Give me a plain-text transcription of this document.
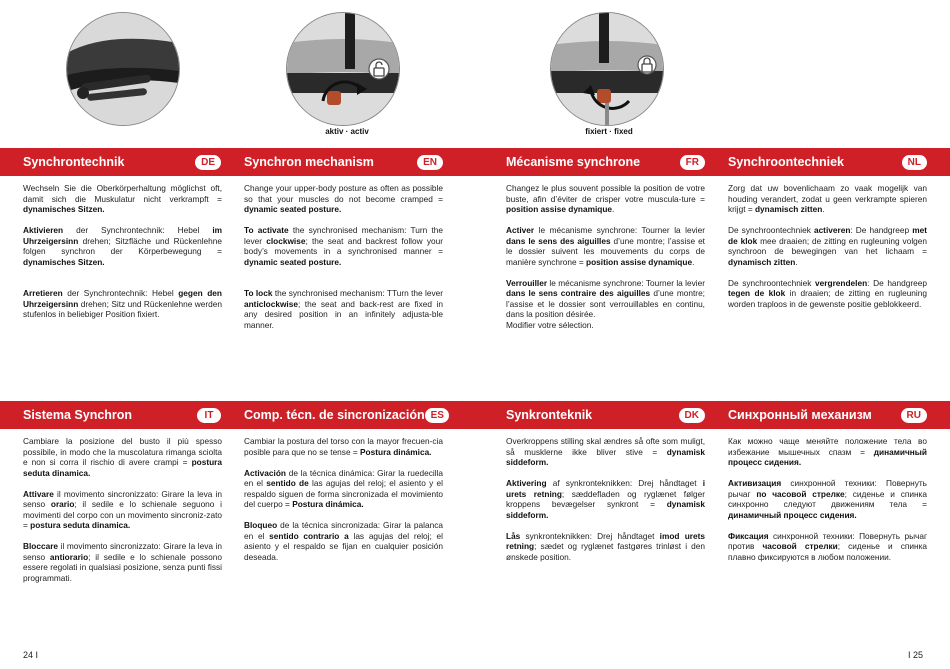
aktiv · activ	fixiert · fixed
Synchrontechnik	DE	Synchron mechanism	EN	Mécanisme synchrone	FR	Synchroontechniek	NL

Wechseln Sie die Oberkörperhaltung möglichst oft, damit sich die Muskulatur nicht verkrampft = dynamisches Sitzen.

Aktivieren der Synchrontechnik: Hebel im Uhrzeigersinn drehen; Sitzfläche und Rückenlehne folgen synchron der Körperbewegung = dynamisches Sitzen.

Arretieren der Synchrontechnik: Hebel gegen den Uhrzeigersinn drehen; Sitz und Rückenlehne werden stufenlos in beliebiger Position fixiert.

Change your upper-body posture as often as possible so that your muscles do not become cramped = dynamic seated posture.

To activate the synchronised mechanism: Turn the lever clockwise; the seat and backrest follow your body’s movements in a synchronised manner = dynamic seated posture.

To lock the synchronised mechanism: TTurn the lever anticlockwise; the seat and back-rest are fixed in any desired position in an infinitely adjusta-ble manner.

Changez le plus souvent possible la position de votre buste, afin d’éviter de crisper votre muscula-ture = position assise dynamique.

Activer le mécanisme synchrone: Tourner la levier dans le sens des aiguilles d’une montre; l’assise et le dossier suivent les mouvements du corps de manière synchrone = position assise dynamique.

Verrouiller le mécanisme synchrone: Tourner la levier dans le sens contraire des aiguilles d’une montre; l’assise et le dossier sont verrouillables en continu, dans la position désirée.
Modifier votre sélection.

Zorg dat uw bovenlichaam zo vaak mogelijk van houding verandert, zodat u geen verkrampte spieren krijgt = dynamisch zitten.

De synchroontechniek activeren: De handgreep met de klok mee draaien; de zitting en rugleuning volgen synchroon de bewegingen van het lichaam = dynamisch zitten.

De synchroontechniek vergrendelen: De handgreep tegen de klok in draaien; de zitting en rugleuning worden traploos in de gewenste positie geblokkeerd.

Sistema Synchron	IT	Comp. técn. de sincronización ES	Synkronteknik	DK	Синхронный механизм	RU

Cambiare la posizione del busto il più spesso possibile, in modo che la muscolatura rimanga sciolta e non si corra il rischio di avere crampi = postura seduta dinamica.

Attivare il movimento sincronizzato: Girare la leva in senso orario; il sedile e lo schienale seguono i movimenti del corpo con un movimento sincroniz-zato = postura seduta dinamica.

Bloccare il movimento sincronizzato: Girare la leva in senso antiorario; il sedile e lo schienale possono essere regolati in qualsiasi posizione, senza punti fissi programmati.

Cambiar la postura del torso con la mayor frecuen-cia posible para que no se tense = Postura dinámica.

Activación de la técnica dinámica: Girar la ruedecilla en el sentido de las agujas del reloj; el asiento y el respaldo siguen de forma sincronizada el movimiento del cuerpo = Postura dinámica.

Bloqueo de la técnica sincronizada: Girar la palanca en el sentido contrario a las agujas del reloj; el asiento y el respaldo se fijan en cualquier posición deseada.

Overkroppens stilling skal ændres så ofte som muligt, så musklerne ikke bliver stive = dynamisk siddeform.

Aktivering af synkronteknikken: Drej håndtaget i urets retning; sæddefladen og ryglænet følger kroppens bevægelser synkront = dynamisk siddeform.

Lås synkronteknikken: Drej håndtaget imod urets retning; sædet og ryglænet fastgøres trinløst i den ønskede position.

Как можно чаще меняйте положение тела во избежание мышечных спазм = динамичный процесс сидения.

Активизация синхронной техники: Повернуть рычаг по часовой стрелке; сиденье и спинка синхронно следуют движениям тела = динамичный процесс сидения.

Фиксация синхронной техники: Повернуть рычаг против часовой стрелки; сиденье и спинка плавно фиксируются в любом положении.

24 I	I 25
